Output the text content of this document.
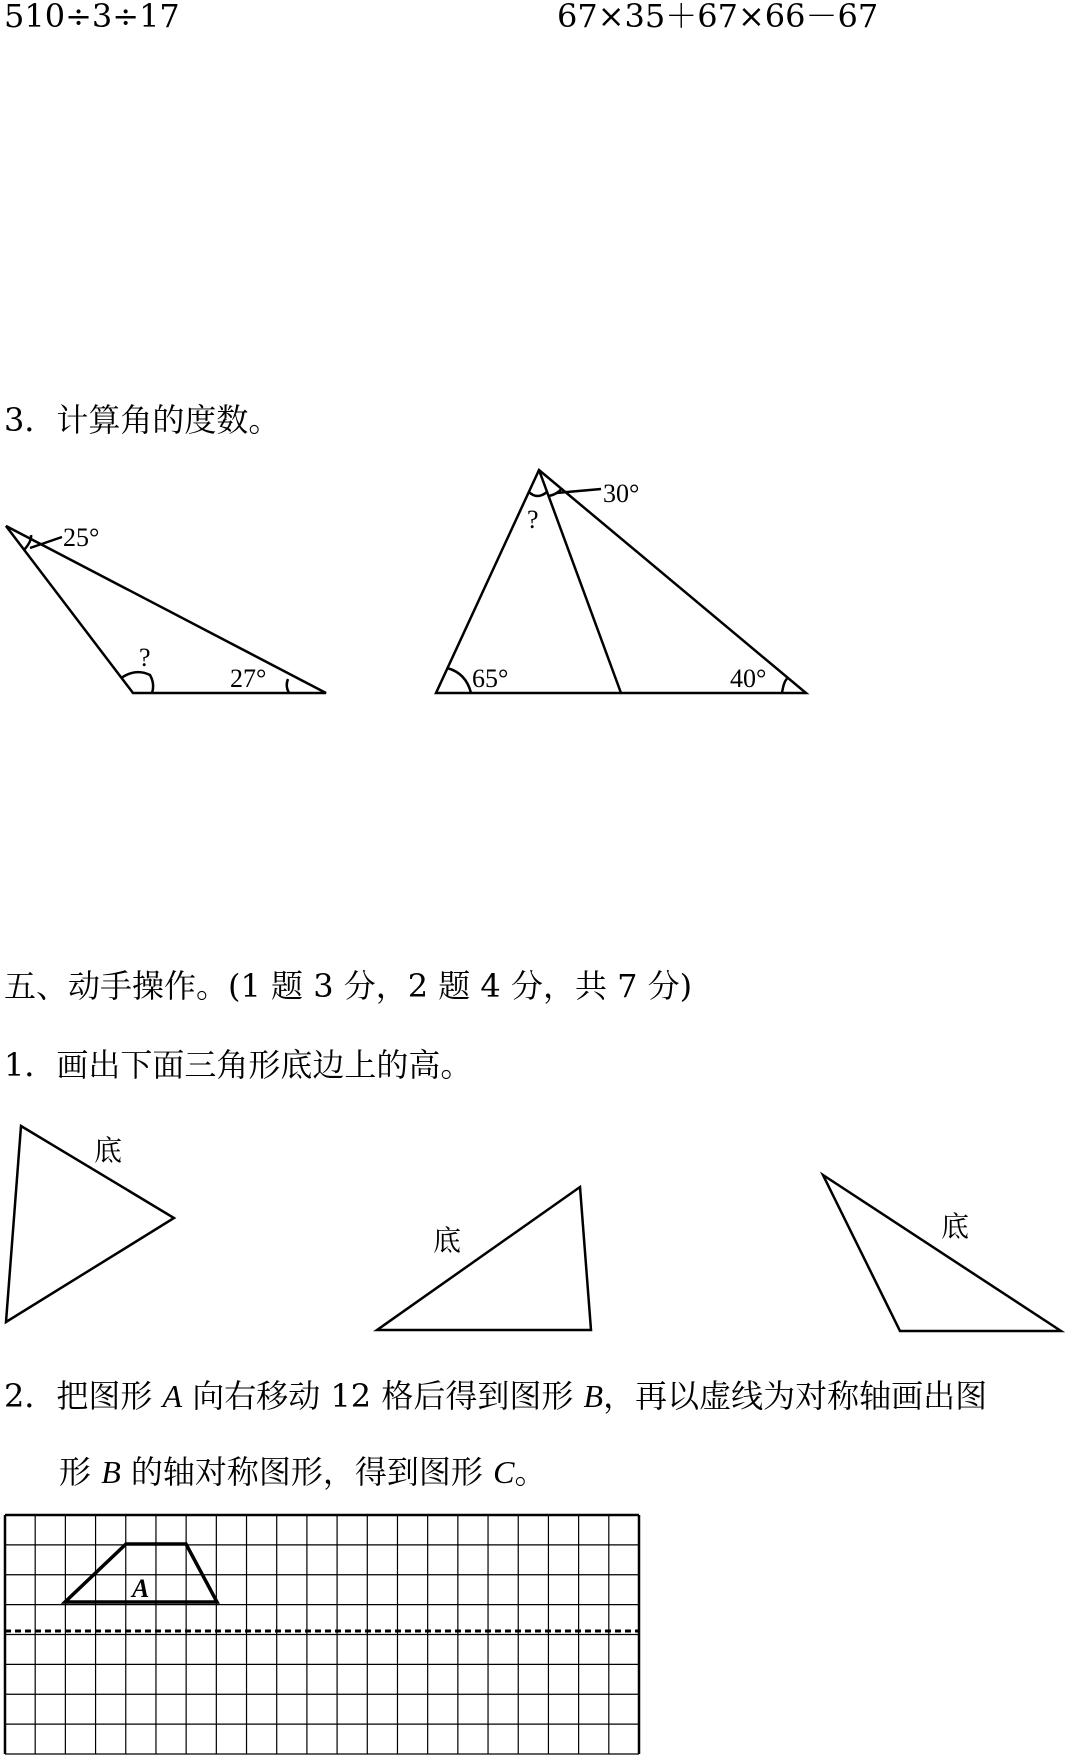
510÷3÷17	67×35＋67×66－67
3．计算角的度数。
25°
?
27°
30°
?
65°	40°
五、动手操作。(1 题 3 分，2 题 4 分，共 7 分)
1．画出下面三角形底边上的高。
底
底	底
2．把图形 A 向右移动 12 格后得到图形 B，再以虚线为对称轴画出图
形 B 的轴对称图形，得到图形 C。
A
